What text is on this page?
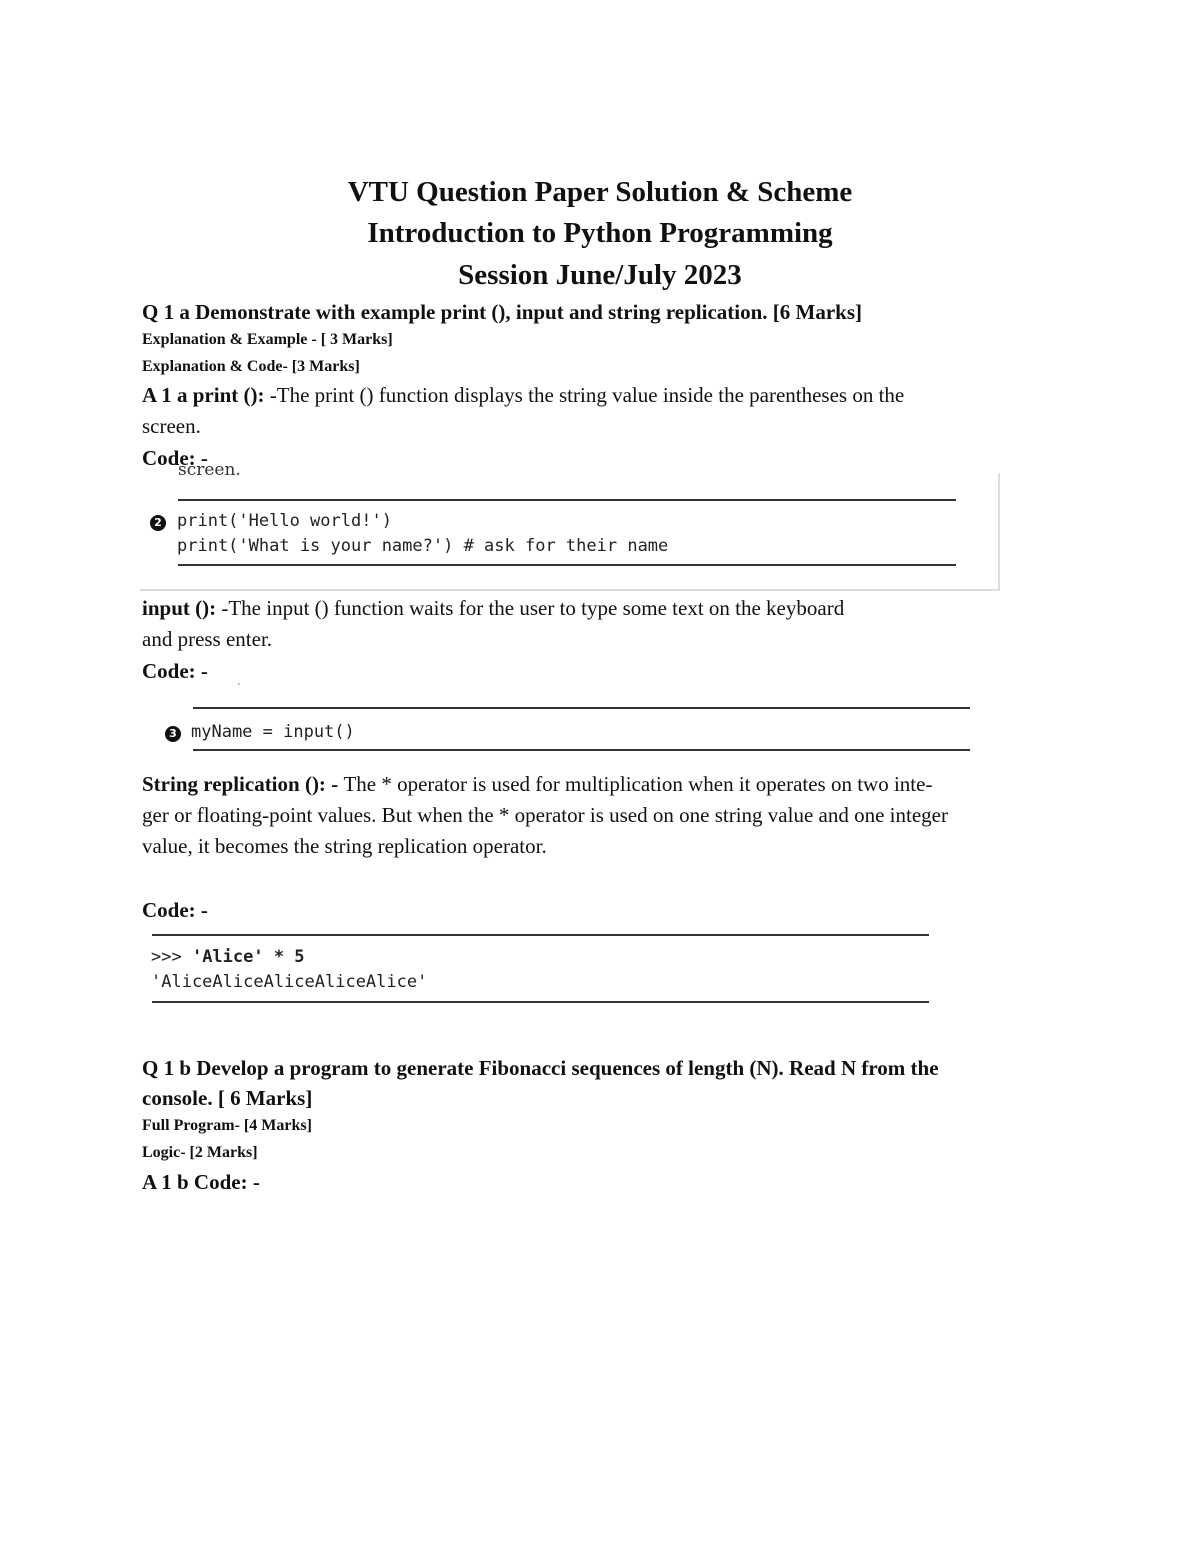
VTU Question Paper Solution & Scheme
Introduction to Python Programming
Session June/July 2023
Q 1 a Demonstrate with example print (), input and string replication. [6 Marks]
Explanation & Example - [ 3 Marks]
Explanation & Code- [3 Marks]
A 1 a print (): -The print () function displays the string value inside the parentheses on the
screen.
Code: -
screen.
2 print('Hello world!')
print('What is your name?') # ask for their name
input (): -The input () function waits for the user to type some text on the keyboard
and press enter.
Code: -
'
3 myName = input()
String replication (): - The * operator is used for multiplication when it operates on two inte-
ger or floating-point values. But when the * operator is used on one string value and one integer
value, it becomes the string replication operator.
Code: -
>>> 'Alice' * 5
'AliceAliceAliceAliceAlice'
Q 1 b Develop a program to generate Fibonacci sequences of length (N). Read N from the
console. [ 6 Marks]
Full Program- [4 Marks]
Logic- [2 Marks]
A 1 b Code: -
